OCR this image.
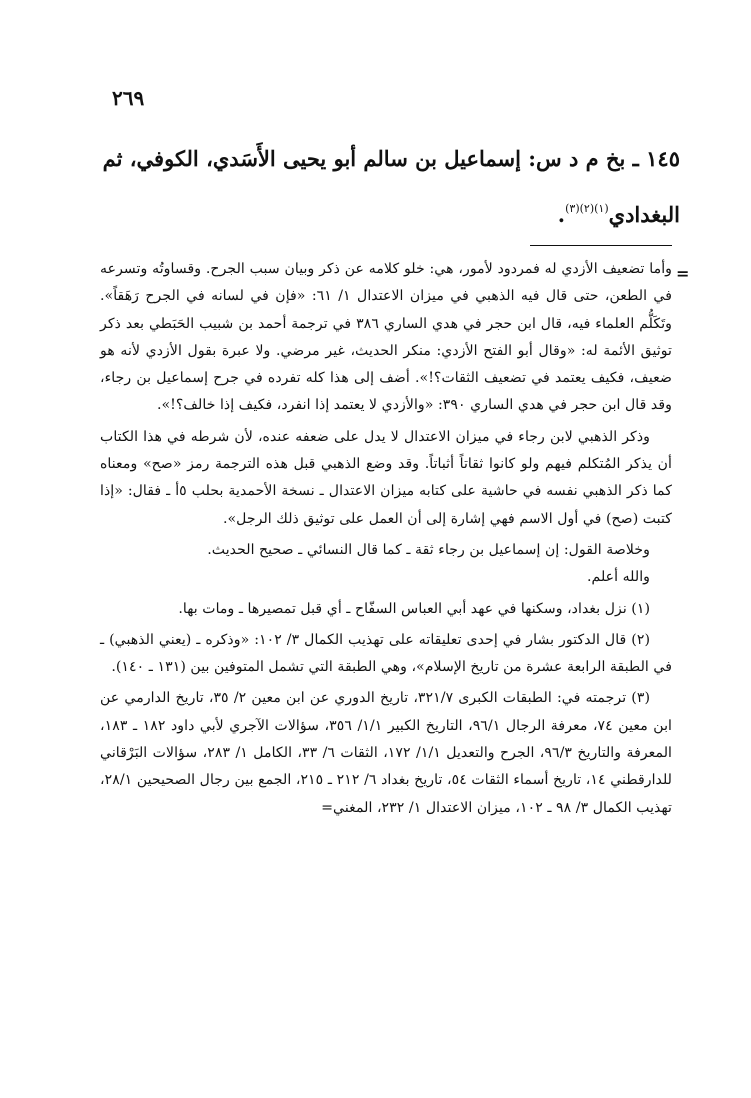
٢٦٩
١٤٥ ـ بخ م د س: إسماعيل بن سالم أبو يحيى الأَسَدي، الكوفي، ثم البغدادي$^{(١)(٢)(٣)}$.
=

وأما تضعيف الأزدي له فمردود لأمور، هي: خلو كلامه عن ذكر وبيان سبب الجرح. وقساوتُه وتسرعه في الطعن، حتى قال فيه الذهبي في ميزان الاعتدال ١/ ٦١: «فإن في لسانه في الجرح رَهَقاً». وتَكَلُّم العلماء فيه، قال ابن حجر في هدي الساري ٣٨٦ في ترجمة أحمد بن شبيب الحَبَطي بعد ذكر توثيق الأئمة له: «وقال أبو الفتح الأزدي: منكر الحديث، غير مرضي. ولا عبرة بقول الأزدي لأنه هو ضعيف، فكيف يعتمد في تضعيف الثقات؟!». أضف إلى هذا كله تفرده في جرح إسماعيل بن رجاء، وقد قال ابن حجر في هدي الساري ٣٩٠: «والأزدي لا يعتمد إذا انفرد، فكيف إذا خالف؟!».

وذكر الذهبي لابن رجاء في ميزان الاعتدال لا يدل على ضعفه عنده، لأن شرطه في هذا الكتاب أن يذكر المُتكلم فيهم ولو كانوا ثقاتاً أثباتاً. وقد وضع الذهبي قبل هذه الترجمة رمز «صح» ومعناه كما ذكر الذهبي نفسه في حاشية على كتابه ميزان الاعتدال ـ نسخة الأحمدية بحلب ٥أ ـ فقال: «إذا كتبت (صح) في أول الاسم فهي إشارة إلى أن العمل على توثيق ذلك الرجل».

وخلاصة القول: إن إسماعيل بن رجاء ثقة ـ كما قال النسائي ـ صحيح الحديث.
والله أعلم.

(١) نزل بغداد، وسكنها في عهد أبي العباس السفّاح ـ أي قبل تمصيرها ـ ومات بها.

(٢) قال الدكتور بشار في إحدى تعليقاته على تهذيب الكمال ٣/ ١٠٢: «وذكره ـ (يعني الذهبي) ـ في الطبقة الرابعة عشرة من تاريخ الإسلام»، وهي الطبقة التي تشمل المتوفين بين (١٣١ ـ ١٤٠).

(٣) ترجمته في: الطبقات الكبرى ٣٢١/٧، تاريخ الدوري عن ابن معين ٢/ ٣٥، تاريخ الدارمي عن ابن معين ٧٤، معرفة الرجال ٩٦/١، التاريخ الكبير ١/١/ ٣٥٦، سؤالات الآجري لأبي داود ١٨٢ ـ ١٨٣، المعرفة والتاريخ ٩٦/٣، الجرح والتعديل ١/١/ ١٧٢، الثقات ٦/ ٣٣، الكامل ١/ ٢٨٣، سؤالات البَرْقاني للدارقطني ١٤، تاريخ أسماء الثقات ٥٤، تاريخ بغداد ٦/ ٢١٢ ـ ٢١٥، الجمع بين رجال الصحيحين ٢٨/١، تهذيب الكمال ٣/ ٩٨ ـ ١٠٢، ميزان الاعتدال ١/ ٢٣٢، المغني=
